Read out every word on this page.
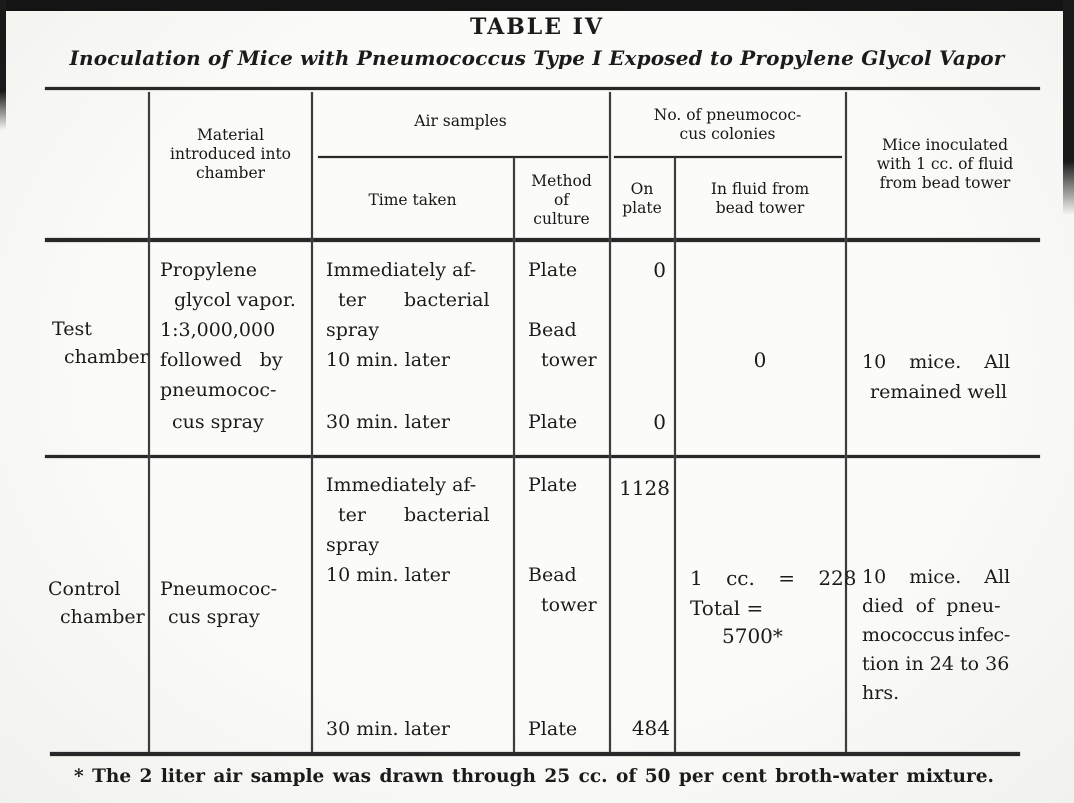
TABLE IV
Inoculation of Mice with Pneumococcus Type I Exposed to Propylene Glycol Vapor
Material
introduced into
chamber
Air samples
Time taken
Method
of
culture
No. of pneumococ-
cus colonies
On
plate
In fluid from
bead tower
Mice inoculated
with 1 cc. of fluid
from bead tower
Test
chamber
Propylene
glycol vapor.
1:3,000,000
followed by
pneumococ-
cus spray
Immediately af-
ter bacterial
spray
10 min. later
30 min. later
Plate
Bead
tower
Plate
0
0
0	10 mice. All
remained well
Control
chamber
Pneumococ-
cus spray
Immediately af-
ter bacterial
spray
10 min. later
30 min. later
Plate
Bead
tower
Plate
1128
484
1 cc. = 228
Total =
5700*
10 mice. All
died of pneu-
mococcus infec-
tion in 24 to 36
hrs.
* The 2 liter air sample was drawn through 25 cc. of 50 per cent broth-water mixture.
